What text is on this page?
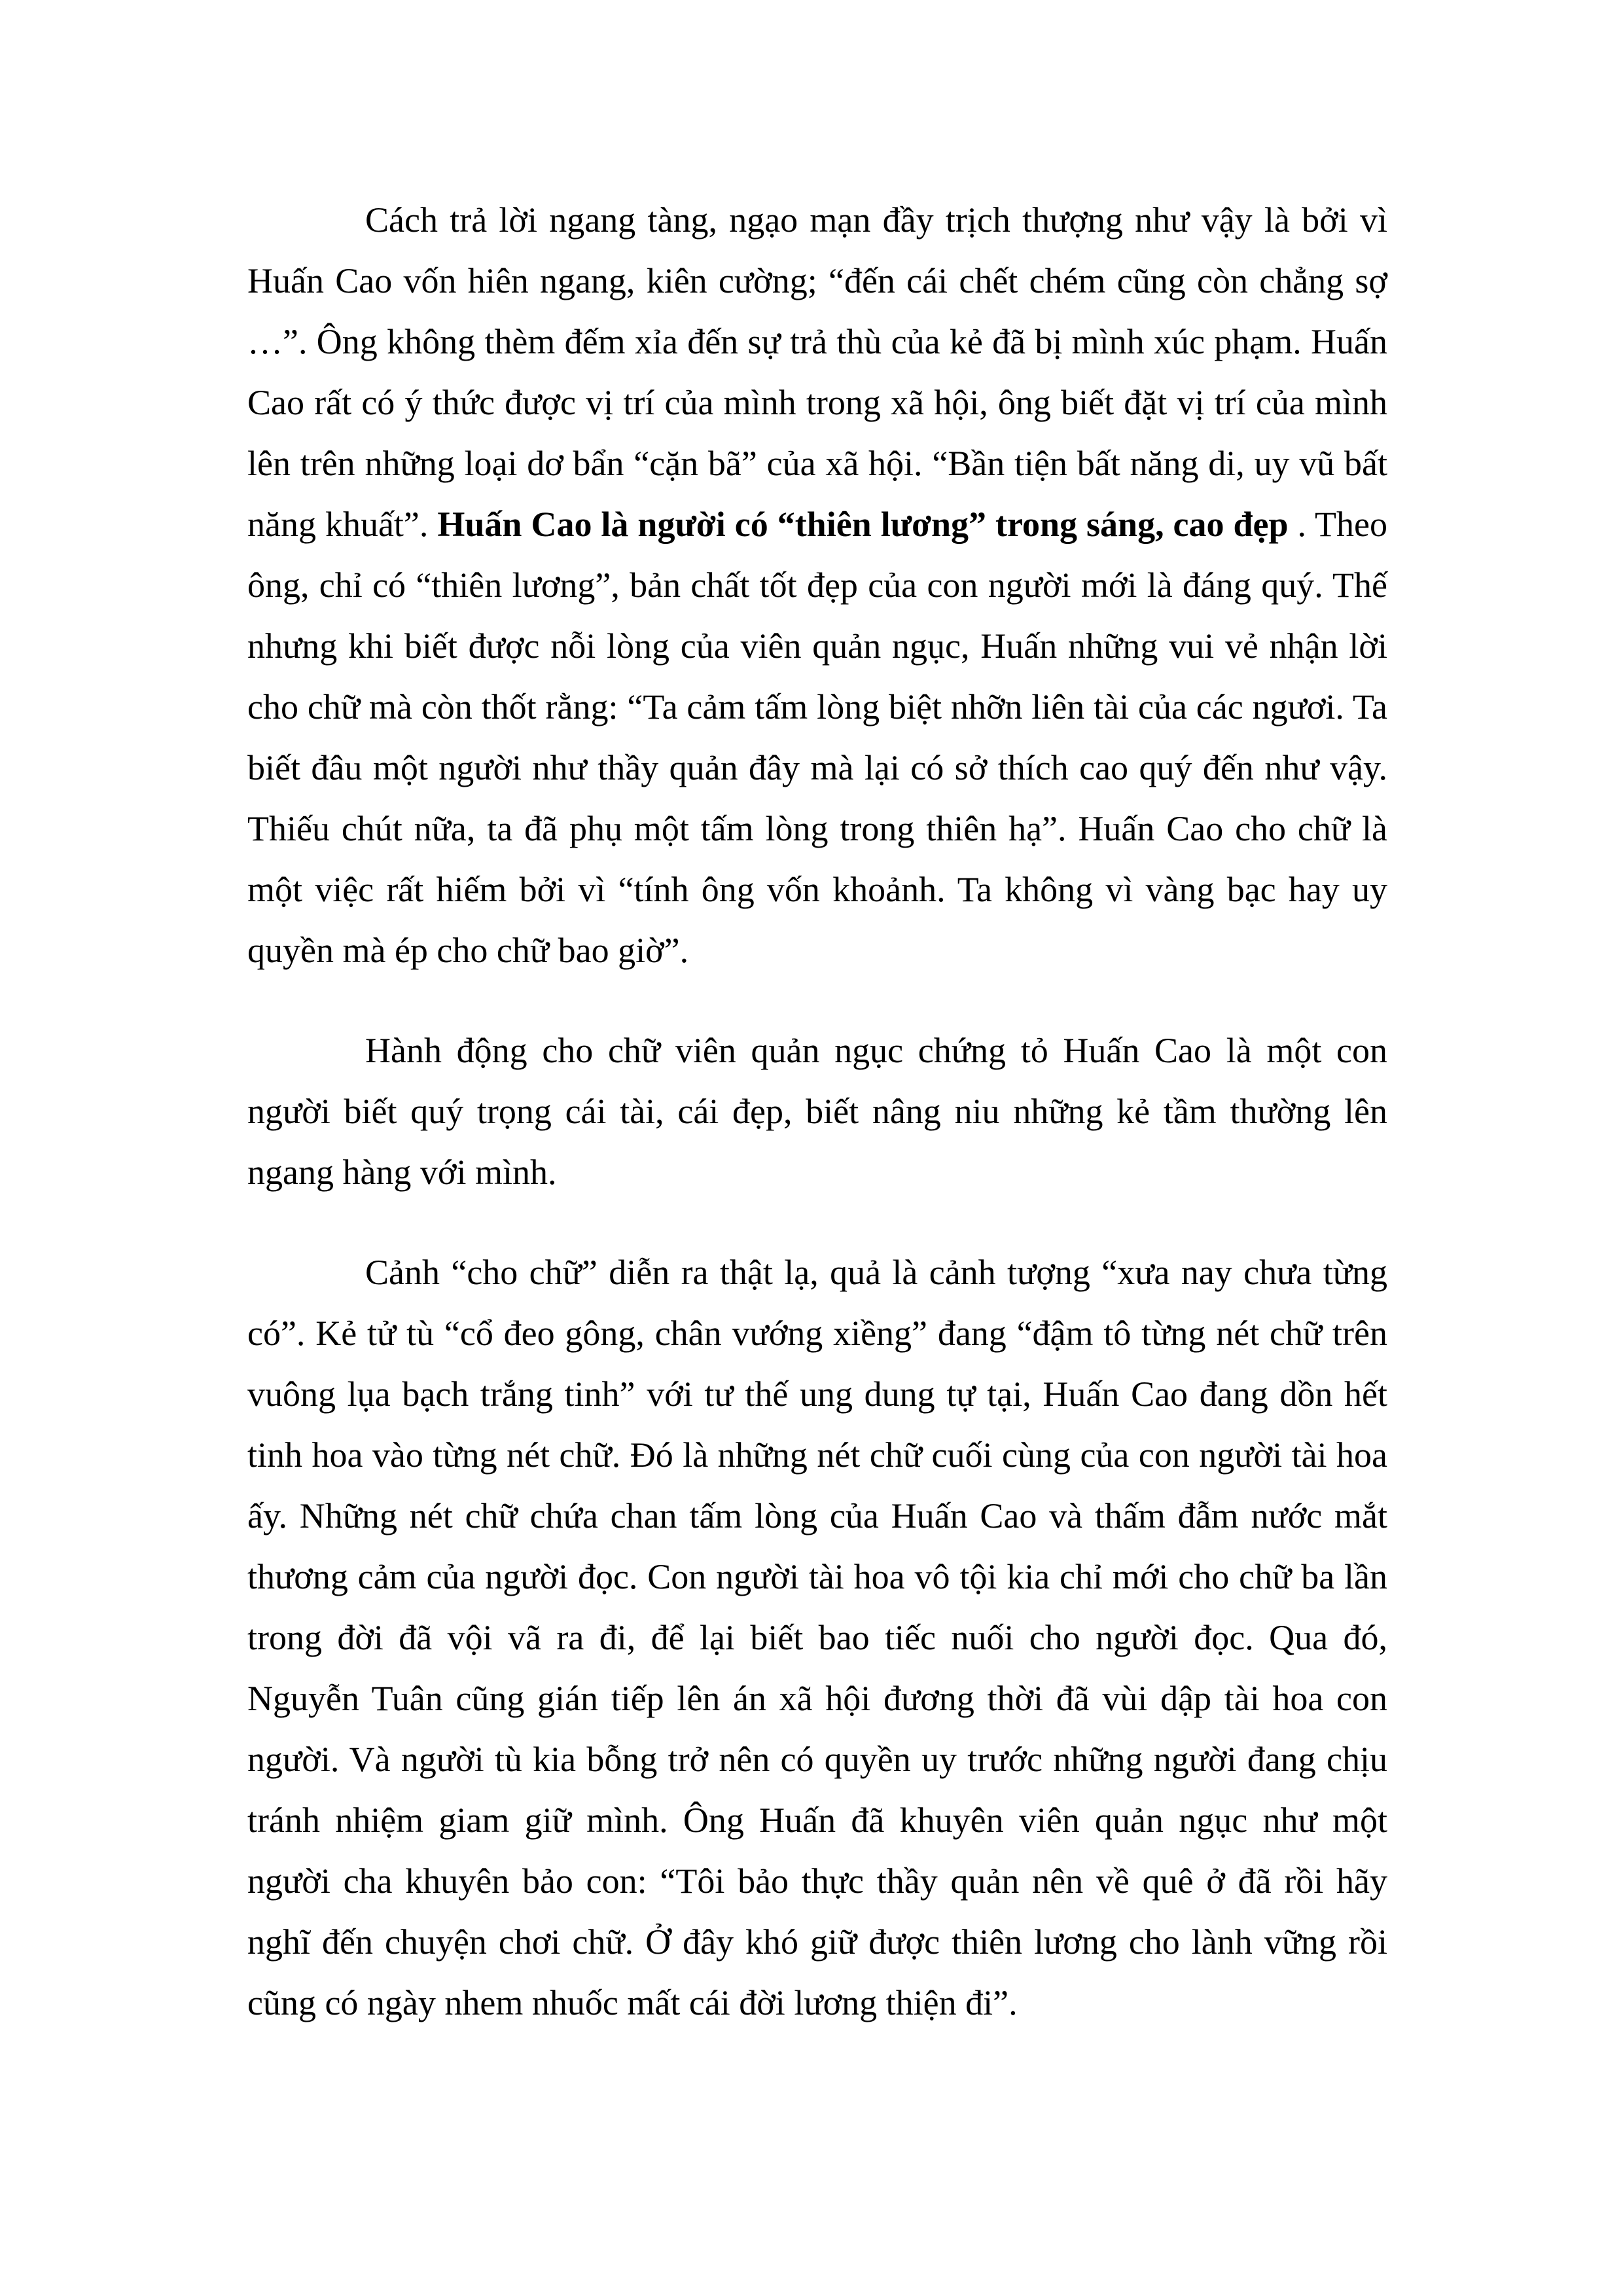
Cách trả lời ngang tàng, ngạo mạn đầy trịch thượng như vậy là bởi vì Huấn Cao vốn hiên ngang, kiên cường; “đến cái chết chém cũng còn chẳng sợ …”. Ông không thèm đếm xỉa đến sự trả thù của kẻ đã bị mình xúc phạm. Huấn Cao rất có ý thức được vị trí của mình trong xã hội, ông biết đặt vị trí của mình lên trên những loại dơ bẩn “cặn bã” của xã hội. “Bần tiện bất năng di, uy vũ bất năng khuất”. Huấn Cao là người có “thiên lương” trong sáng, cao đẹp . Theo ông, chỉ có “thiên lương”, bản chất tốt đẹp của con người mới là đáng quý. Thế nhưng khi biết được nỗi lòng của viên quản ngục, Huấn những vui vẻ nhận lời cho chữ mà còn thốt rằng: “Ta cảm tấm lòng biệt nhỡn liên tài của các ngươi. Ta biết đâu một người như thầy quản đây mà lại có sở thích cao quý đến như vậy. Thiếu chút nữa, ta đã phụ một tấm lòng trong thiên hạ”. Huấn Cao cho chữ là một việc rất hiếm bởi vì “tính ông vốn khoảnh. Ta không vì vàng bạc hay uy quyền mà ép cho chữ bao giờ”.

Hành động cho chữ viên quản ngục chứng tỏ Huấn Cao là một con người biết quý trọng cái tài, cái đẹp, biết nâng niu những kẻ tầm thường lên ngang hàng với mình.

Cảnh “cho chữ” diễn ra thật lạ, quả là cảnh tượng “xưa nay chưa từng có”. Kẻ tử tù “cổ đeo gông, chân vướng xiềng” đang “đậm tô từng nét chữ trên vuông lụa bạch trắng tinh” với tư thế ung dung tự tại, Huấn Cao đang dồn hết tinh hoa vào từng nét chữ. Đó là những nét chữ cuối cùng của con người tài hoa ấy. Những nét chữ chứa chan tấm lòng của Huấn Cao và thấm đẫm nước mắt thương cảm của người đọc. Con người tài hoa vô tội kia chỉ mới cho chữ ba lần trong đời đã vội vã ra đi, để lại biết bao tiếc nuối cho người đọc. Qua đó, Nguyễn Tuân cũng gián tiếp lên án xã hội đương thời đã vùi dập tài hoa con người. Và người tù kia bỗng trở nên có quyền uy trước những người đang chịu tránh nhiệm giam giữ mình. Ông Huấn đã khuyên viên quản ngục như một người cha khuyên bảo con: “Tôi bảo thực thầy quản nên về quê ở đã rồi hãy nghĩ đến chuyện chơi chữ. Ở đây khó giữ được thiên lương cho lành vững rồi cũng có ngày nhem nhuốc mất cái đời lương thiện đi”.
